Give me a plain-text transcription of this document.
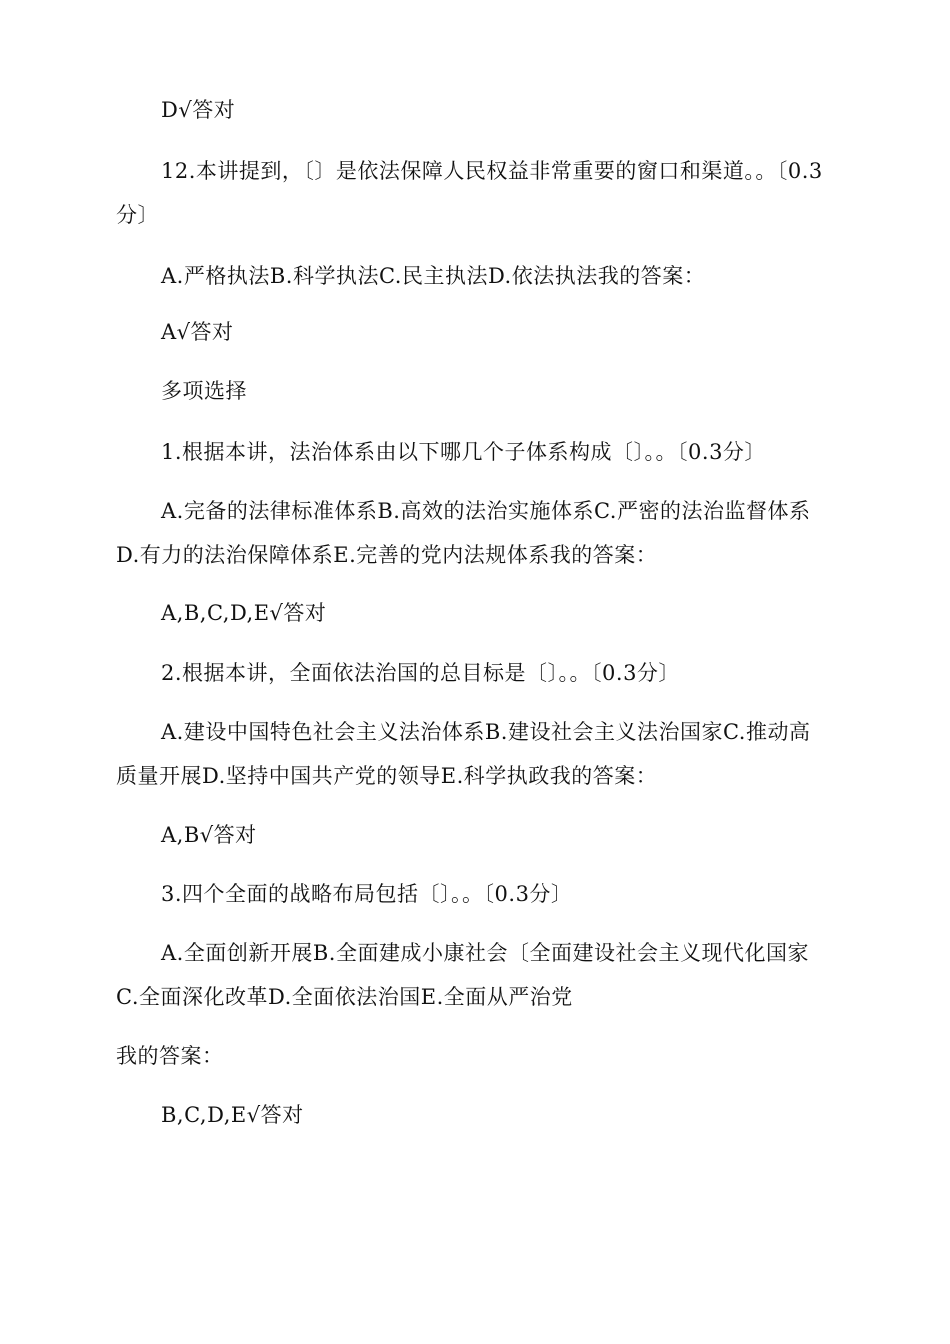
D√答对

12.本讲提到，〔〕是依法保障人民权益非常重要的窗口和渠道。。〔0.3分〕

A.严格执法B.科学执法C.民主执法D.依法执法我的答案：

A√答对

多项选择

1.根据本讲，法治体系由以下哪几个子体系构成〔〕。。〔0.3分〕

A.完备的法律标准体系B.高效的法治实施体系C.严密的法治监督体系D.有力的法治保障体系E.完善的党内法规体系我的答案：

A,B,C,D,E√答对

2.根据本讲，全面依法治国的总目标是〔〕。。〔0.3分〕

A.建设中国特色社会主义法治体系B.建设社会主义法治国家C.推动高质量开展D.坚持中国共产党的领导E.科学执政我的答案：

A,B√答对

3.四个全面的战略布局包括〔〕。。〔0.3分〕

A.全面创新开展B.全面建成小康社会〔全面建设社会主义现代化国家C.全面深化改革D.全面依法治国E.全面从严治党

我的答案：

B,C,D,E√答对
